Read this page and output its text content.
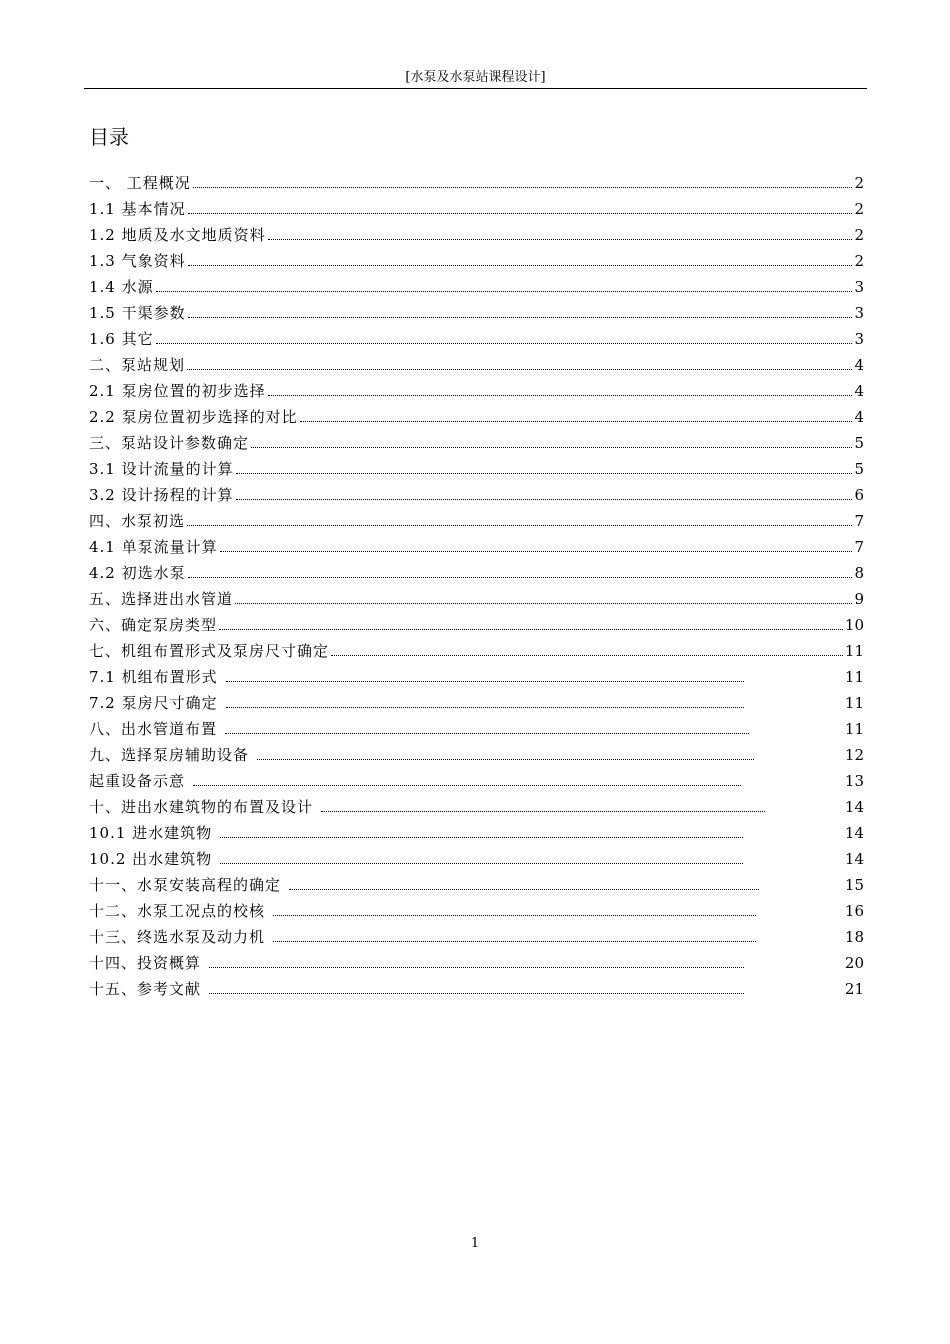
[水泵及水泵站课程设计]
目录
一、 工程概况	2
1.1 基本情况	2
1.2 地质及水文地质资料	2
1.3 气象资料	2
1.4 水源	3
1.5 干渠参数	3
1.6 其它	3
二、泵站规划	4
2.1 泵房位置的初步选择	4
2.2 泵房位置初步选择的对比	4
三、泵站设计参数确定	5
3.1 设计流量的计算	5
3.2 设计扬程的计算	6
四、水泵初选	7
4.1 单泵流量计算	7
4.2 初选水泵	8
五、选择进出水管道	9
六、确定泵房类型	10
七、机组布置形式及泵房尺寸确定	11
7.1 机组布置形式	11
7.2 泵房尺寸确定	11
八、出水管道布置	11
九、选择泵房辅助设备	12
起重设备示意	13
十、进出水建筑物的布置及设计	14
10.1 进水建筑物	14
10.2 出水建筑物	14
十一、水泵安装高程的确定	15
十二、水泵工况点的校核	16
十三、终选水泵及动力机	18
十四、投资概算	20
十五、参考文献	21
1
